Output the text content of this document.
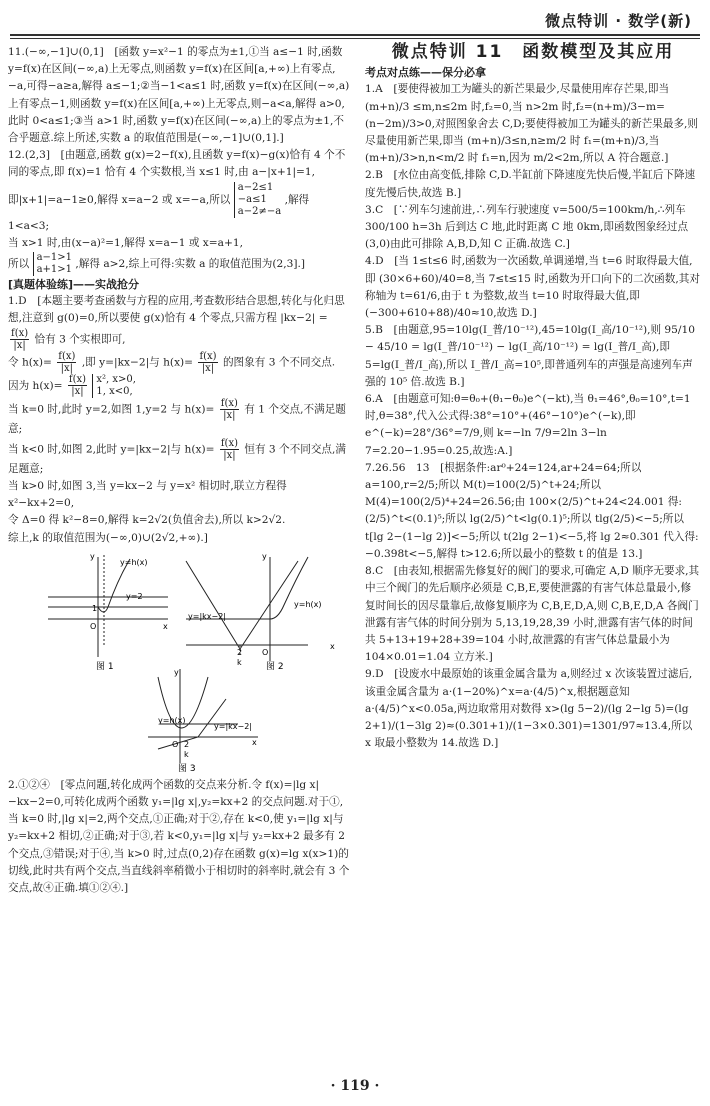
微点特训 · 数学(新)

11.(−∞,−1]∪(0,1]　[函数 y=x²−1 的零点为±1,①当 a≤−1 时,函数 y=f(x)在区间(−∞,a)上无零点,则函数 y=f(x)在区间[a,+∞)上有零点,−a,可得−a≥a,解得 a≤−1;②当−1<a≤1 时,函数 y=f(x)在区间(−∞,a)上有零点−1,则函数 y=f(x)在区间[a,+∞)上无零点,则−a<a,解得 a>0,此时 0<a≤1;③当 a>1 时,函数 y=f(x)在区间(−∞,a)上的零点为±1,不合乎题意.综上所述,实数 a 的取值范围是(−∞,−1]∪(0,1].]

12.(2,3]　[由题意,函数 g(x)=2−f(x),且函数 y=f(x)−g(x)恰有 4 个不同的零点,即 f(x)=1 恰有 4 个实数根,当 x≤1 时,由 a−|x+1|=1,即|x+1|=a−1≥0,解得 x=a−2 或 x=−a,所以
a−2≤1
−a≤1
a−2≠−a
,解得 1<a<3;

当 x>1 时,由(x−a)²=1,解得 x=a−1 或 x=a+1,

所以
a−1>1
a+1>1 ,解得 a>2,综上可得:实数 a 的取值范围为(2,3].]

[真题体验练]——实战抢分

1.D　[本题主要考查函数与方程的应用,考查数形结合思想,转化与化归思想,注意到 g(0)=0,所以要使 g(x)恰有 4 个零点,只需方程 |kx−2| =
$\frac{f(x)}{|x|}$ 恰有 3 个实根即可,

令 $h(x)= \frac{f(x)}{|x|}$ ,即 y=|kx−2|与 $h(x)= \frac{f(x)}{|x|}$ 的图象有 3 个不同交点.

因为 $h(x)= \frac{f(x)}{|x|}$
x², x>0,
1, x<0,

当 k=0 时,此时 y=2,如图 1,y=2 与 $h(x)= \frac{f(x)}{|x|}$ 有 1 个交点,不满足题意;

当 k<0 时,如图 2,此时 y=|kx−2|与 $h(x)= \frac{f(x)}{|x|}$ 恒有 3 个不同交点,满足题意;

当 k>0 时,如图 3,当 y=kx−2 与 y=x² 相切时,联立方程得 x²−kx+2=0,

令 Δ=0 得 k²−8=0,解得 k=2√2(负值舍去),所以 k>2√2.

综上,k 的取值范围为(−∞,0)∪(2√2,+∞).]

y=h(x)
y=2
y
x
O
1
图 1
y=|kx−2|
y=h(x)
2
k
O
y
x
图 2
y=h(x)
y=|kx−2|
2
k
O
y
x
图 3

2.①②④　[零点问题,转化成两个函数的交点来分析.令 f(x)=|lg x|−kx−2=0,可转化成两个函数 y₁=|lg x|,y₂=kx+2 的交点问题.对于①,当 k=0 时,|lg x|=2,两个交点,①正确;对于②,存在 k<0,使 y₁=|lg x|与 y₂=kx+2 相切,②正确;对于③,若 k<0,y₁=|lg x|与 y₂=kx+2 最多有 2 个交点,③错误;对于④,当 k>0 时,过点(0,2)存在函数 g(x)=lg x(x>1)的切线,此时共有两个交点,当直线斜率稍微小于相切时的斜率时,就会有 3 个交点,故④正确.填①②④.]

微点特训 11　函数模型及其应用

考点对点练——保分必拿

1.A　[要使得被加工为罐头的新芒果最少,尽量使用库存芒果,即当 (m+n)/3 ≤m,n≤2m 时,f₂=0,当 n>2m 时,f₂=(n+m)/3−m=(n−2m)/3>0,对照图象舍去 C,D;要使得被加工为罐头的新芒果最多,则尽量使用新芒果,即当 (m+n)/3≤n,n≥m/2 时 f₁=(m+n)/3,当 (m+n)/3>n,n<m/2 时 f₁=n,因为 m/2<2m,所以 A 符合题意.]

2.B　[水位由高变低,排除 C,D.半缸前下降速度先快后慢,半缸后下降速度先慢后快,故选 B.]

3.C　[∵列车匀速前进,∴列车行驶速度 v=500/5=100km/h,∴列车 300/100 h=3h 后到达 C 地,此时距离 C 地 0km,即函数图象经过点(3,0)由此可排除 A,B,D,知 C 正确.故选 C.]

4.D　[当 1≤t≤6 时,函数为一次函数,单调递增,当 t=6 时取得最大值,即 (30×6+60)/40=8,当 7≤t≤15 时,函数为开口向下的二次函数,其对称轴为 t=61/6,由于 t 为整数,故当 t=10 时取得最大值,即 (−300+610+88)/40≈10,故选 D.]

5.B　[由题意,95=10lg(I_普/10⁻¹²),45=10lg(I_高/10⁻¹²),则 95/10 − 45/10 = lg(I_普/10⁻¹²) − lg(I_高/10⁻¹²) = lg(I_普/I_高),即 5=lg(I_普/I_高),所以 I_普/I_高=10⁵,即普通列车的声强是高速列车声强的 10⁵ 倍.故选 B.]

6.A　[由题意可知:θ=θ₀+(θ₁−θ₀)e^(−kt),当 θ₁=46°,θ₀=10°,t=1 时,θ=38°,代入公式得:38°=10°+(46°−10°)e^(−k),即 e^(−k)=28°/36°=7/9,则 k=−ln 7/9=2ln 3−ln 7=2.20−1.95=0.25,故选:A.]

7.26.56　13　[根据条件:ar⁰+24=124,ar+24=64;所以 a=100,r=2/5;所以 M(t)=100(2/5)^t+24;所以 M(4)=100(2/5)⁴+24=26.56;由 100×(2/5)^t+24<24.001 得:(2/5)^t<(0.1)⁵;所以 lg(2/5)^t<lg(0.1)⁵;所以 tlg(2/5)<−5;所以 t[lg 2−(1−lg 2)]<−5;所以 t(2lg 2−1)<−5,将 lg 2≈0.301 代入得:−0.398t<−5,解得 t>12.6;所以最小的整数 t 的值是 13.]

8.C　[由表知,根据需先修复好的阀门的要求,可确定 A,D 顺序无要求,其中三个阀门的先后顺序必须是 C,B,E,要使泄露的有害气体总量最小,修复时间长的因尽量靠后,故修复顺序为 C,B,E,D,A,则 C,B,E,D,A 各阀门泄露有害气体的时间分别为 5,13,19,28,39 小时,泄露有害气体的时间共 5+13+19+28+39=104 小时,故泄露的有害气体总量最小为 104×0.01=1.04 立方米.]

9.D　[设废水中最原始的该重金属含量为 a,则经过 x 次该装置过滤后,该重金属含量为 a·(1−20%)^x=a·(4/5)^x,根据题意知 a·(4/5)^x<0.05a,两边取常用对数得 x>(lg 5−2)/(lg 2−lg 5)=(lg 2+1)/(1−3lg 2)≈(0.301+1)/(1−3×0.301)=1301/97≈13.4,所以 x 取最小整数为 14.故选 D.]

· 119 ·
